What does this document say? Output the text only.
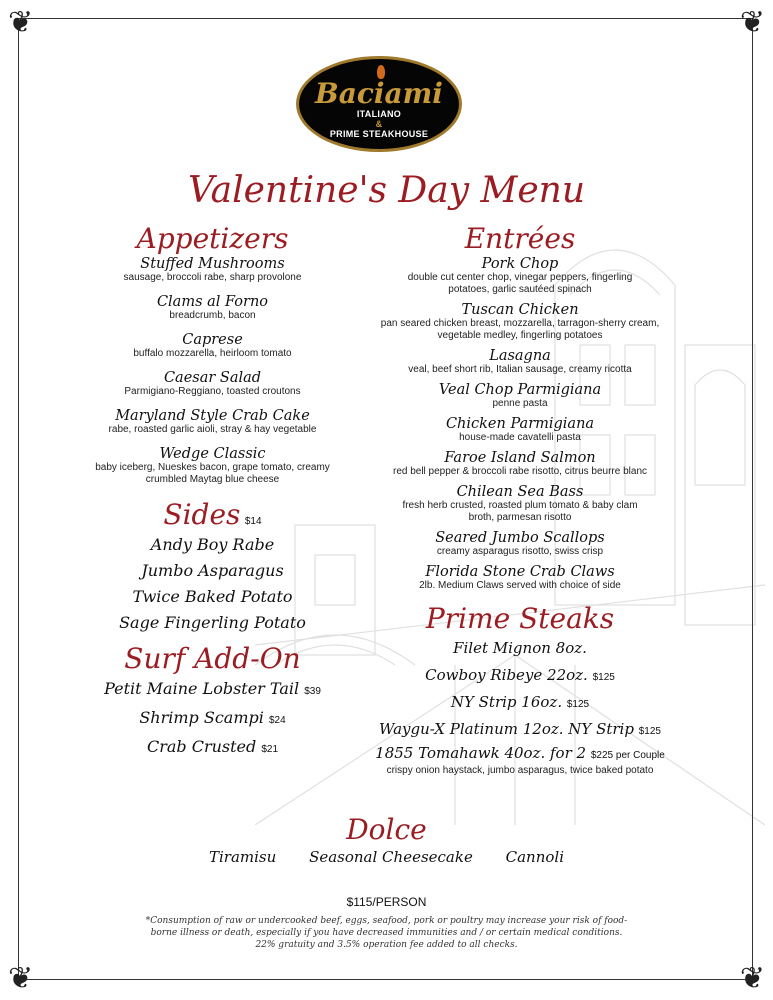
❦	❦
❦	❦
Baciami
ITALIANO
&
PRIME STEAKHOUSE
Valentine's Day Menu
Appetizers
Stuffed Mushrooms
sausage, broccoli rabe, sharp provolone
Clams al Forno
breadcrumb, bacon
Caprese
buffalo mozzarella, heirloom tomato
Caesar Salad
Parmigiano-Reggiano, toasted croutons
Maryland Style Crab Cake
rabe, roasted garlic aioli, stray & hay vegetable
Wedge Classic
baby iceberg, Nueskes bacon, grape tomato, creamy crumbled Maytag blue cheese
Sides $14
Andy Boy Rabe
Jumbo Asparagus
Twice Baked Potato
Sage Fingerling Potato
Surf Add-On
Petit Maine Lobster Tail $39
Shrimp Scampi $24
Crab Crusted $21
Entrées
Pork Chop
double cut center chop, vinegar peppers, fingerling potatoes, garlic sautéed spinach
Tuscan Chicken
pan seared chicken breast, mozzarella, tarragon-sherry cream, vegetable medley, fingerling potatoes
Lasagna
veal, beef short rib, Italian sausage, creamy ricotta
Veal Chop Parmigiana
penne pasta
Chicken Parmigiana
house-made cavatelli pasta
Faroe Island Salmon
red bell pepper & broccoli rabe risotto, citrus beurre blanc
Chilean Sea Bass
fresh herb crusted, roasted plum tomato & baby clam broth, parmesan risotto
Seared Jumbo Scallops
creamy asparagus risotto, swiss crisp
Florida Stone Crab Claws
2lb. Medium Claws served with choice of side
Prime Steaks
Filet Mignon 8oz.
Cowboy Ribeye 22oz. $125
NY Strip 16oz. $125
Waygu-X Platinum 12oz. NY Strip $125
1855 Tomahawk 40oz. for 2 $225 per Couple
crispy onion haystack, jumbo asparagus, twice baked potato
Dolce
Tiramisu Seasonal Cheesecake Cannoli
$115/PERSON
*Consumption of raw or undercooked beef, eggs, seafood, pork or poultry may increase your risk of food-borne illness or death, especially if you have decreased immunities and / or certain medical conditions. 22% gratuity and 3.5% operation fee added to all checks.
